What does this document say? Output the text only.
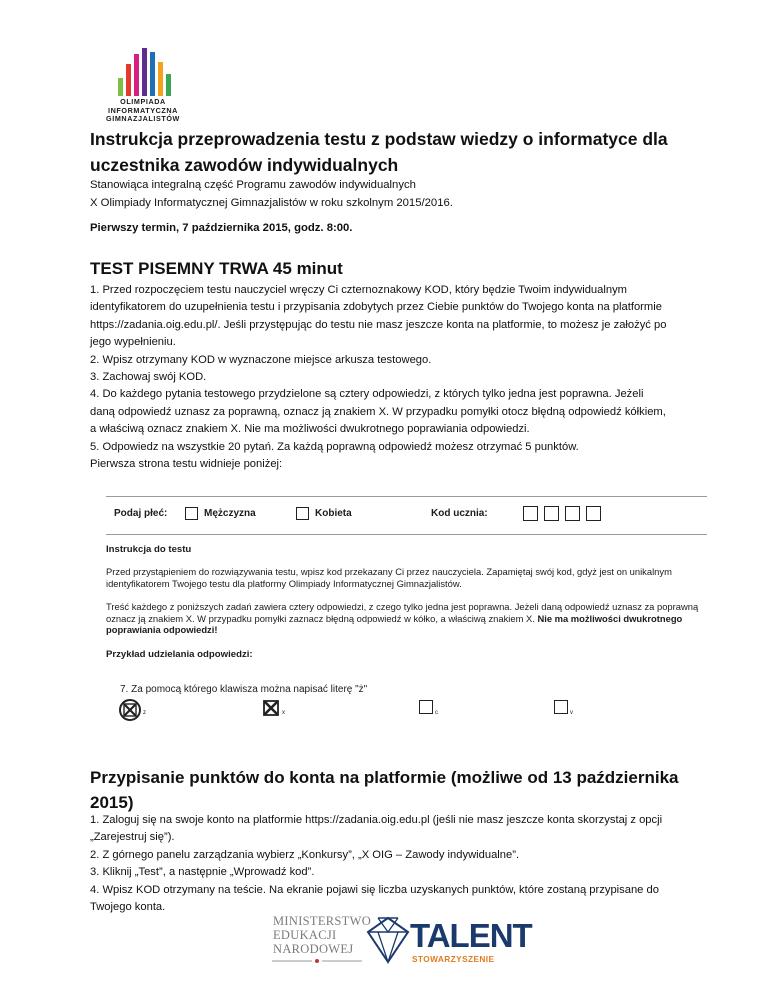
OLIMPIADA
INFORMATYCZNA
GIMNAZJALISTÓW
Instrukcja przeprowadzenia testu z podstaw wiedzy o informatyce dla uczestnika zawodów indywidualnych
Stanowiąca integralną część Programu zawodów indywidualnych
X Olimpiady Informatycznej Gimnazjalistów w roku szkolnym 2015/2016.
Pierwszy termin, 7 października 2015, godz. 8:00.
TEST PISEMNY TRWA 45 minut

1. Przed rozpoczęciem testu nauczyciel wręczy Ci czternoznakowy KOD, który będzie Twoim indywidualnym identyfikatorem do uzupełnienia testu i przypisania zdobytych przez Ciebie punktów do Twojego konta na platformie https://zadania.oig.edu.pl/. Jeśli przystępując do testu nie masz jeszcze konta na platformie, to możesz je założyć po jego wypełnieniu.

2. Wpisz otrzymany KOD w wyznaczone miejsce arkusza testowego.

3. Zachowaj swój KOD.

4. Do każdego pytania testowego przydzielone są cztery odpowiedzi, z których tylko jedna jest poprawna. Jeżeli daną odpowiedź uznasz za poprawną, oznacz ją znakiem X. W przypadku pomyłki otocz błędną odpowiedź kółkiem, a właściwą oznacz znakiem X. Nie ma możliwości dwukrotnego poprawiania odpowiedzi.

5. Odpowiedz na wszystkie 20 pytań. Za każdą poprawną odpowiedź możesz otrzymać 5 punktów.

Pierwsza strona testu widnieje poniżej:

Podaj płeć:	Mężczyzna	Kobieta	Kod ucznia:
Instrukcja do testu
Przed przystąpieniem do rozwiązywania testu, wpisz kod przekazany Ci przez nauczyciela. Zapamiętaj swój kod, gdyż jest on unikalnym identyfikatorem Twojego testu dla platformy Olimpiady Informatycznej Gimnazjalistów.
Treść każdego z poniższych zadań zawiera cztery odpowiedzi, z czego tylko jedna jest poprawna. Jeżeli daną odpowiedź uznasz za poprawną oznacz ją znakiem X. W przypadku pomyłki zaznacz błędną odpowiedź w kółko, a właściwą znakiem X. Nie ma możliwości dwukrotnego poprawiania odpowiedzi!
Przykład udzielania odpowiedzi:
7. Za pomocą którego klawisza można napisać literę "ż"
z	x	c	v
Przypisanie punktów do konta na platformie (możliwe od 13 października 2015)

1. Zaloguj się na swoje konto na platformie https://zadania.oig.edu.pl (jeśli nie masz jeszcze konta skorzystaj z opcji „Zarejestruj się”).

2. Z górnego panelu zarządzania wybierz „Konkursy”, „X OIG – Zawody indywidualne”.

3. Kliknij „Test”, a następnie „Wprowadź kod”.

4. Wpisz KOD otrzymany na teście. Na ekranie pojawi się liczba uzyskanych punktów, które zostaną przypisane do Twojego konta.

MINISTERSTWO
EDUKACJI
NARODOWEJ	TALENT
STOWARZYSZENIE
